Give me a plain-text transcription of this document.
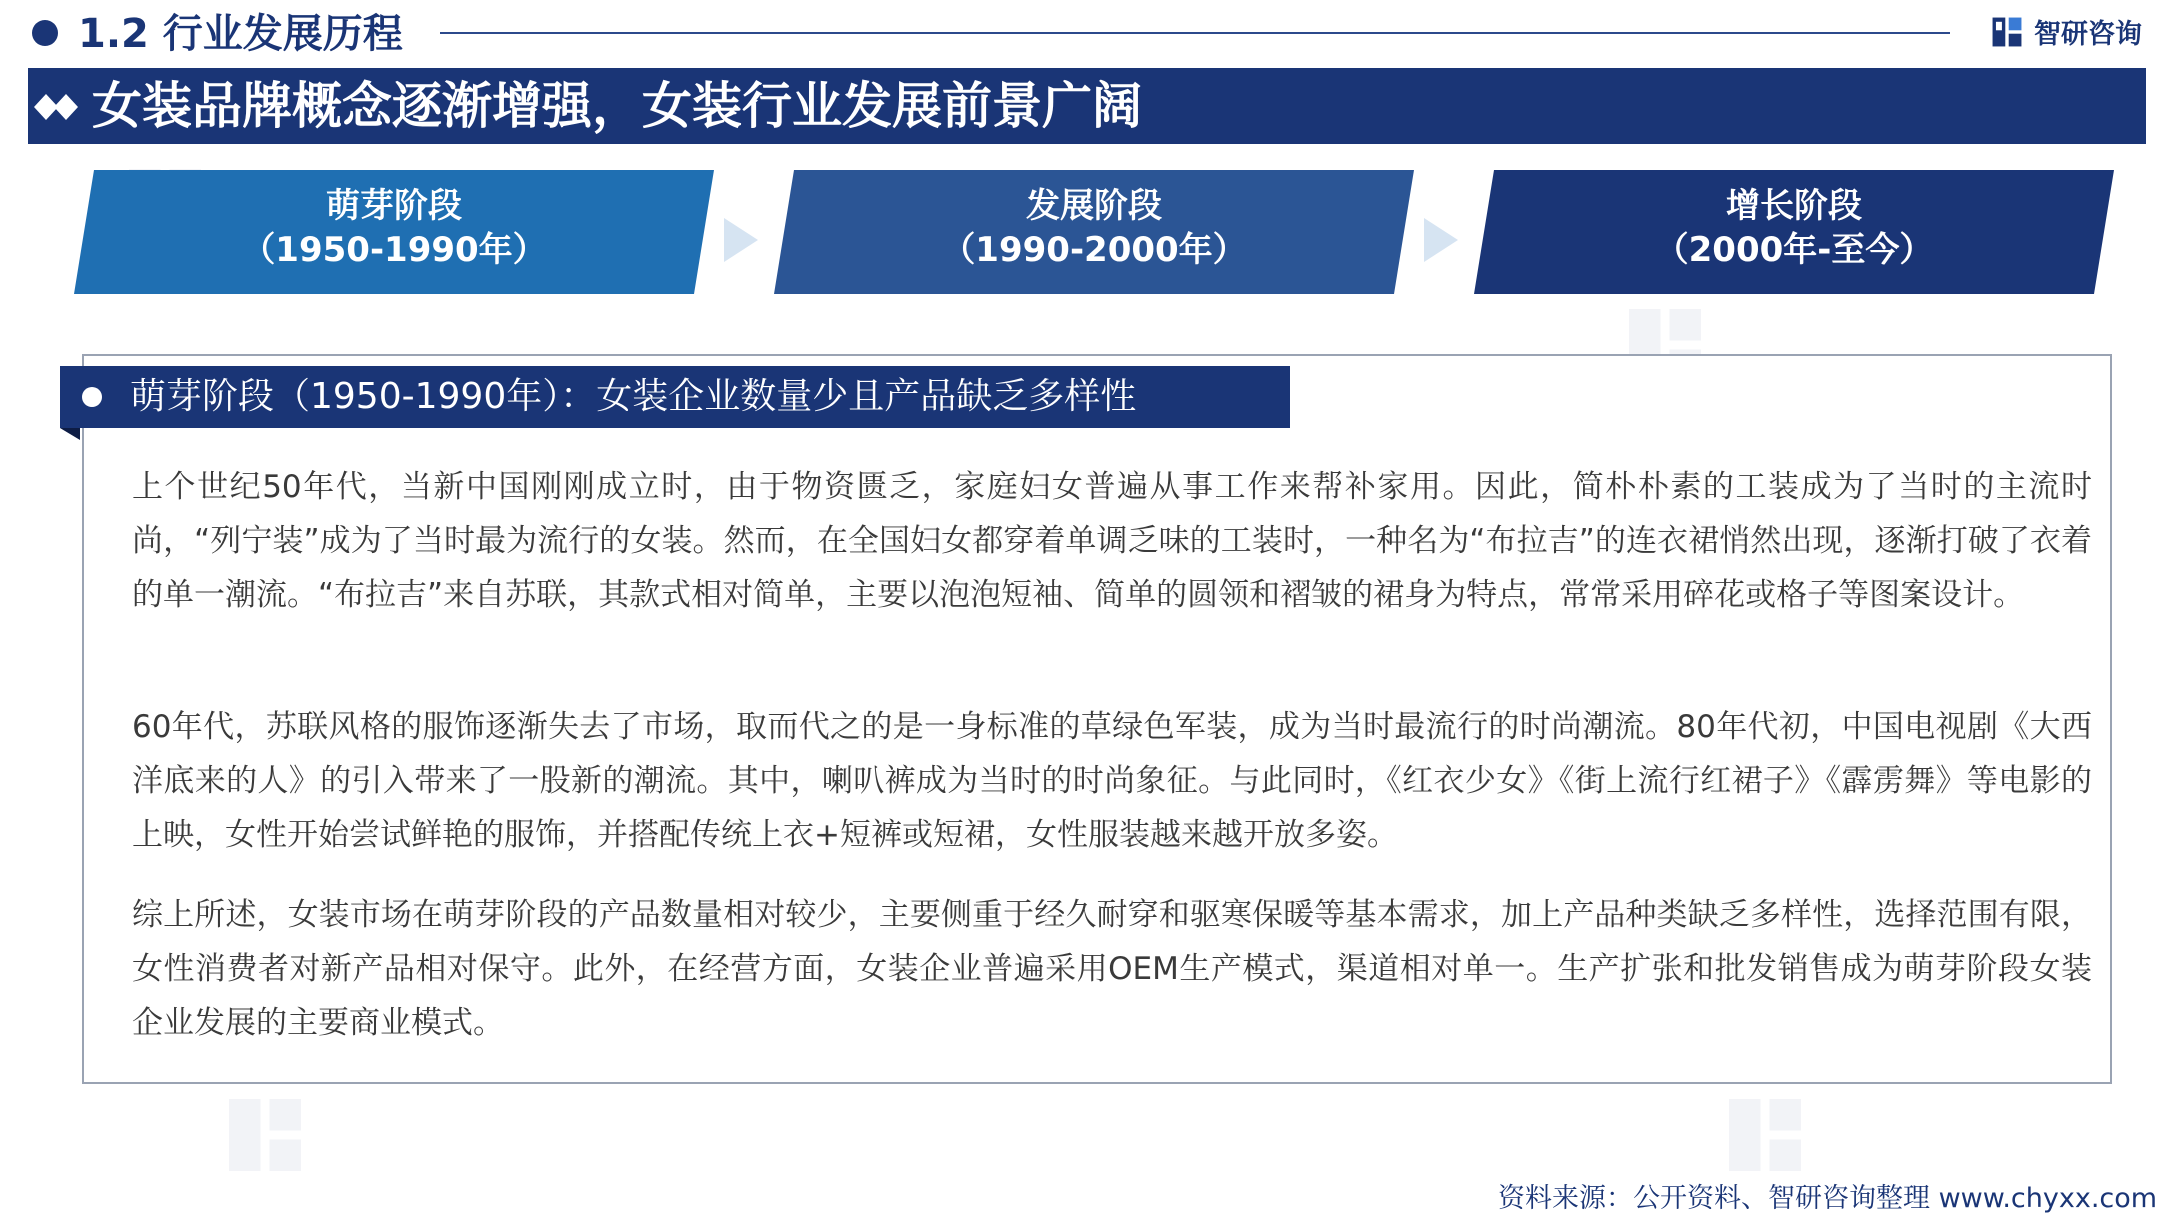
1.2 行业发展历程	智研咨询
女装品牌概念逐渐增强，女装行业发展前景广阔
萌芽阶段
（1950-1990年）
发展阶段
（1990-2000年）
增长阶段
（2000年-至今）
萌芽阶段（1950-1990年）：女装企业数量少且产品缺乏多样性

上个世纪50年代，当新中国刚刚成立时，由于物资匮乏，家庭妇女普遍从事工作来帮补家用。因此，简朴朴素的工装成为了当时的主流时尚，“列宁装”成为了当时最为流行的女装。然而，在全国妇女都穿着单调乏味的工装时，一种名为“布拉吉”的连衣裙悄然出现，逐渐打破了衣着的单一潮流。“布拉吉”来自苏联，其款式相对简单，主要以泡泡短袖、简单的圆领和褶皱的裙身为特点，常常采用碎花或格子等图案设计。

60年代，苏联风格的服饰逐渐失去了市场，取而代之的是一身标准的草绿色军装，成为当时最流行的时尚潮流。80年代初，中国电视剧《大西洋底来的人》的引入带来了一股新的潮流。其中，喇叭裤成为当时的时尚象征。与此同时，《红衣少女》《街上流行红裙子》《霹雳舞》等电影的上映，女性开始尝试鲜艳的服饰，并搭配传统上衣+短裤或短裙，女性服装越来越开放多姿。

综上所述，女装市场在萌芽阶段的产品数量相对较少，主要侧重于经久耐穿和驱寒保暖等基本需求，加上产品种类缺乏多样性，选择范围有限，女性消费者对新产品相对保守。此外，在经营方面，女装企业普遍采用OEM生产模式，渠道相对单一。生产扩张和批发销售成为萌芽阶段女装企业发展的主要商业模式。

资料来源：公开资料、智研咨询整理 www.chyxx.com
